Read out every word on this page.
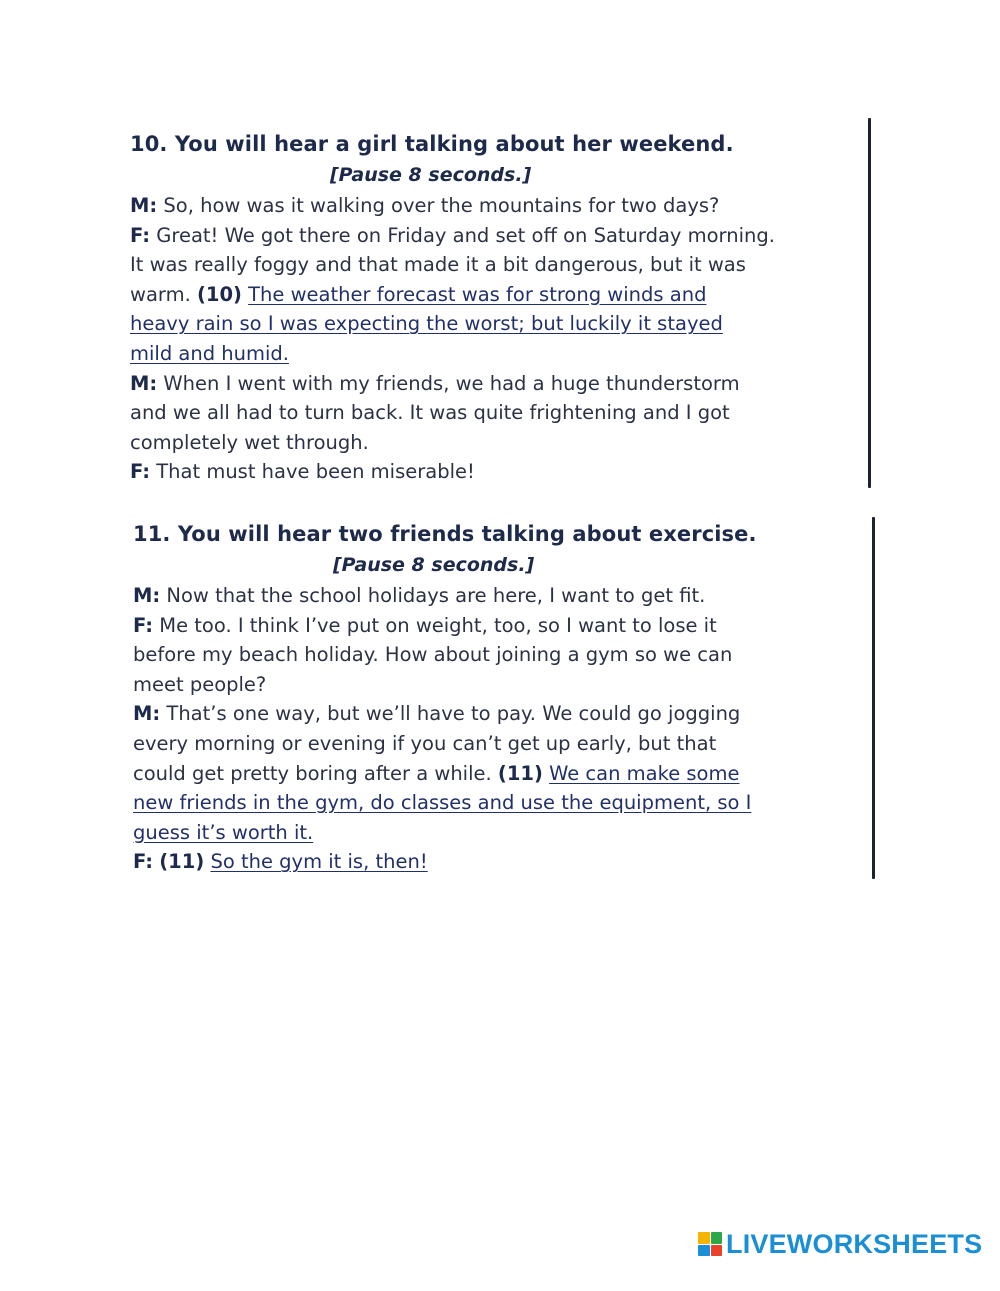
10. You will hear a girl talking about her weekend.
[Pause 8 seconds.]
M: So, how was it walking over the mountains for two days?
F: Great! We got there on Friday and set off on Saturday morning.
It was really foggy and that made it a bit dangerous, but it was
warm. (10) The weather forecast was for strong winds and
heavy rain so I was expecting the worst; but luckily it stayed
mild and humid.
M: When I went with my friends, we had a huge thunderstorm
and we all had to turn back. It was quite frightening and I got
completely wet through.
F: That must have been miserable!
11. You will hear two friends talking about exercise.
[Pause 8 seconds.]
M: Now that the school holidays are here, I want to get fit.
F: Me too. I think I’ve put on weight, too, so I want to lose it
before my beach holiday. How about joining a gym so we can
meet people?
M: That’s one way, but we’ll have to pay. We could go jogging
every morning or evening if you can’t get up early, but that
could get pretty boring after a while. (11) We can make some
new friends in the gym, do classes and use the equipment, so I
guess it’s worth it.
F: (11) So the gym it is, then!
LIVEWORKSHEETS
